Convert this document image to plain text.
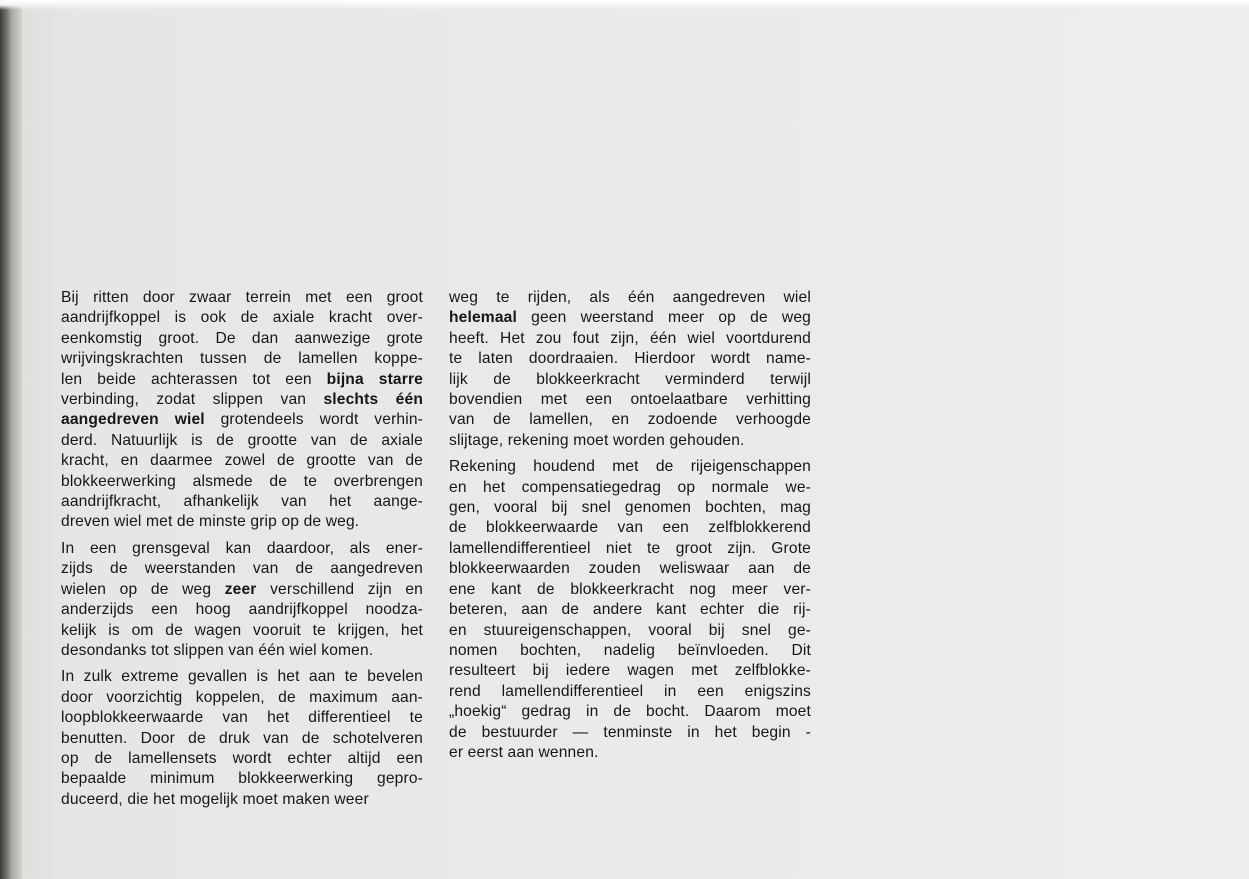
Bij ritten door zwaar terrein met een groot
aandrijfkoppel is ook de axiale kracht over-
eenkomstig groot. De dan aanwezige grote
wrijvingskrachten tussen de lamellen koppe-
len beide achterassen tot een bijna starre
verbinding, zodat slippen van slechts één
aangedreven wiel grotendeels wordt verhin-
derd. Natuurlijk is de grootte van de axiale
kracht, en daarmee zowel de grootte van de
blokkeerwerking alsmede de te overbrengen
aandrijfkracht, afhankelijk van het aange-
dreven wiel met de minste grip op de weg.
In een grensgeval kan daardoor, als ener-
zijds de weerstanden van de aangedreven
wielen op de weg zeer verschillend zijn en
anderzijds een hoog aandrijfkoppel noodza-
kelijk is om de wagen vooruit te krijgen, het
desondanks tot slippen van één wiel komen.
In zulk extreme gevallen is het aan te bevelen
door voorzichtig koppelen, de maximum aan-
loopblokkeerwaarde van het differentieel te
benutten. Door de druk van de schotelveren
op de lamellensets wordt echter altijd een
bepaalde minimum blokkeerwerking gepro-
duceerd, die het mogelijk moet maken weer
weg te rijden, als één aangedreven wiel
helemaal geen weerstand meer op de weg
heeft. Het zou fout zijn, één wiel voortdurend
te laten doordraaien. Hierdoor wordt name-
lijk de blokkeerkracht verminderd terwijl
bovendien met een ontoelaatbare verhitting
van de lamellen, en zodoende verhoogde
slijtage, rekening moet worden gehouden.
Rekening houdend met de rijeigenschappen
en het compensatiegedrag op normale we-
gen, vooral bij snel genomen bochten, mag
de blokkeerwaarde van een zelfblokkerend
lamellendifferentieel niet te groot zijn. Grote
blokkeerwaarden zouden weliswaar aan de
ene kant de blokkeerkracht nog meer ver-
beteren, aan de andere kant echter die rij-
en stuureigenschappen, vooral bij snel ge-
nomen bochten, nadelig beïnvloeden. Dit
resulteert bij iedere wagen met zelfblokke-
rend lamellendifferentieel in een enigszins
„hoekig“ gedrag in de bocht. Daarom moet
de bestuurder — tenminste in het begin -
er eerst aan wennen.
